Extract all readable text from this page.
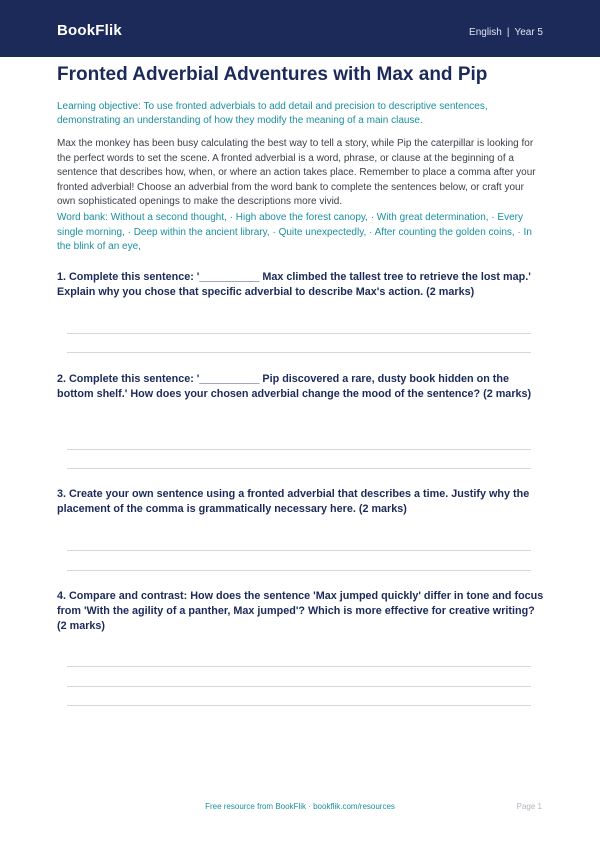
BookFlik	English | Year 5
Fronted Adverbial Adventures with Max and Pip
Learning objective: To use fronted adverbials to add detail and precision to descriptive sentences, demonstrating an understanding of how they modify the meaning of a main clause.
Max the monkey has been busy calculating the best way to tell a story, while Pip the caterpillar is looking for the perfect words to set the scene. A fronted adverbial is a word, phrase, or clause at the beginning of a sentence that describes how, when, or where an action takes place. Remember to place a comma after your fronted adverbial! Choose an adverbial from the word bank to complete the sentences below, or craft your own sophisticated openings to make the descriptions more vivid.
Word bank: Without a second thought, · High above the forest canopy, · With great determination, · Every single morning, · Deep within the ancient library, · Quite unexpectedly, · After counting the golden coins, · In the blink of an eye,
1. Complete this sentence: '__________ Max climbed the tallest tree to retrieve the lost map.' Explain why you chose that specific adverbial to describe Max's action. (2 marks)
2. Complete this sentence: '__________ Pip discovered a rare, dusty book hidden on the bottom shelf.' How does your chosen adverbial change the mood of the sentence? (2 marks)
3. Create your own sentence using a fronted adverbial that describes a time. Justify why the placement of the comma is grammatically necessary here. (2 marks)
4. Compare and contrast: How does the sentence 'Max jumped quickly' differ in tone and focus from 'With the agility of a panther, Max jumped'? Which is more effective for creative writing? (2 marks)
Free resource from BookFlik · bookflik.com/resources	Page 1
